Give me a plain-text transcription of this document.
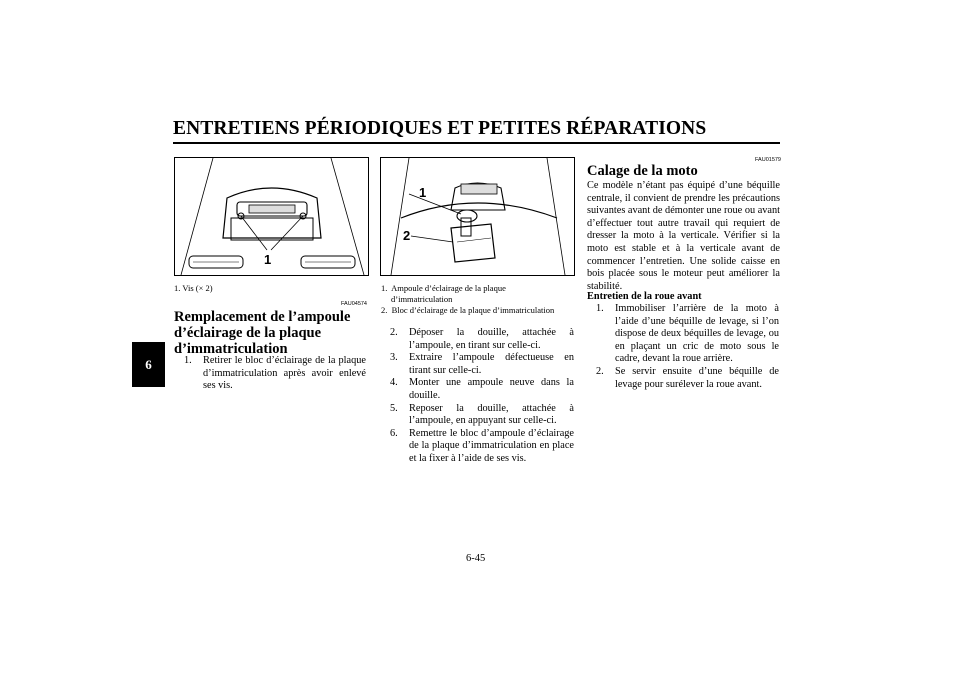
ENTRETIENS PÉRIODIQUES ET PETITES RÉPARATIONS
6
1
1. Vis (× 2)
FAU04574
Remplacement de l’ampoule d’éclairage de la plaque d’immatriculation
1. Retirer le bloc d’éclairage de la plaque d’immatriculation après avoir enlevé ses vis.
1
2
1. Ampoule d’éclairage de la plaque
d’immatriculation
2. Bloc d’éclairage de la plaque d’immatriculation
2. Déposer la douille, attachée à l’ampoule, en tirant sur celle-ci.
3. Extraire l’ampoule défectueuse en tirant sur celle-ci.
4. Monter une ampoule neuve dans la douille.
5. Reposer la douille, attachée à l’ampoule, en appuyant sur celle-ci.
6. Remettre le bloc d’ampoule d’éclairage de la plaque d’immatriculation en place et la fixer à l’aide de ses vis.
FAU01579
Calage de la moto

Ce modèle n’étant pas équipé d’une béquille centrale, il convient de prendre les précautions suivantes avant de démonter une roue ou avant d’effectuer tout autre travail qui requiert de dresser la moto à la verticale. Vérifier si la moto est stable et à la verticale avant de commencer l’entretien. Une solide caisse en bois placée sous le moteur peut améliorer la stabilité.

Entretien de la roue avant
1. Immobiliser l’arrière de la moto à l’aide d’une béquille de levage, si l’on dispose de deux béquilles de levage, ou en plaçant un cric de moto sous le cadre, devant la roue arrière.
2. Se servir ensuite d’une béquille de levage pour surélever la roue avant.
6-45
